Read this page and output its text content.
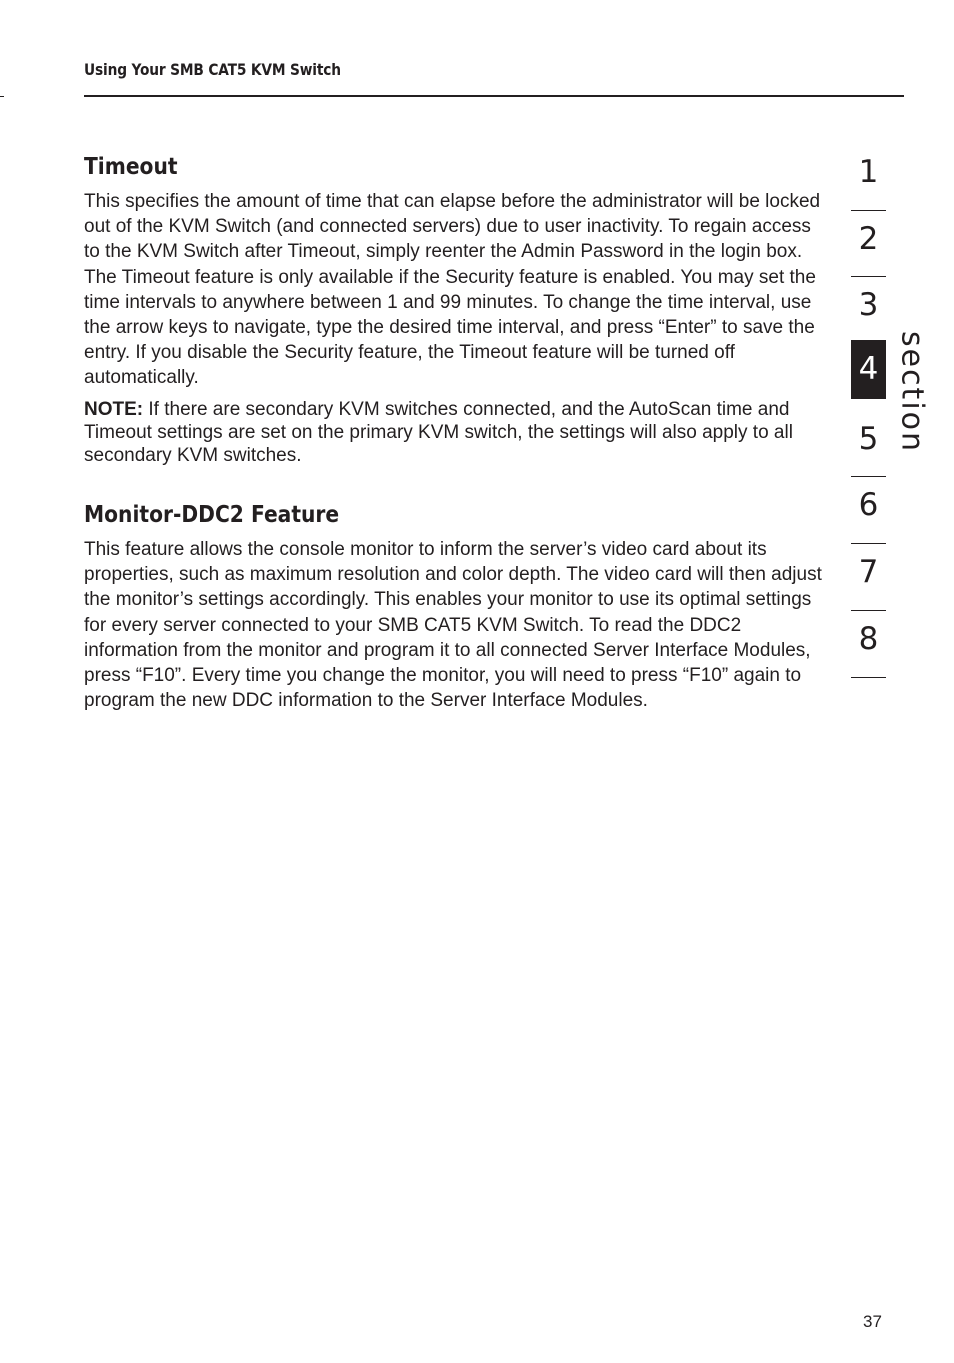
Using Your SMB CAT5 KVM Switch
Timeout

This specifies the amount of time that can elapse before the administrator will be locked out of the KVM Switch (and connected servers) due to user inactivity. To regain access to the KVM Switch after Timeout, simply reenter the Admin Password in the login box. The Timeout feature is only available if the Security feature is enabled. You may set the time intervals to anywhere between 1 and 99 minutes. To change the time interval, use the arrow keys to navigate, type the desired time interval, and press “Enter” to save the entry. If you disable the Security feature, the Timeout feature will be turned off automatically.

NOTE: If there are secondary KVM switches connected, and the AutoScan time and Timeout settings are set on the primary KVM switch, the settings will also apply to all secondary KVM switches.

Monitor-DDC2 Feature

This feature allows the console monitor to inform the server’s video card about its properties, such as maximum resolution and color depth. The video card will then adjust the monitor’s settings accordingly. This enables your monitor to use its optimal settings for every server connected to your SMB CAT5 KVM Switch. To read the DDC2 information from the monitor and program it to all connected Server Interface Modules, press “F10”. Every time you change the monitor, you will need to press “F10” again to program the new DDC information to the Server Interface Modules.

1
2
3
5
6
7
8
4 section
37
